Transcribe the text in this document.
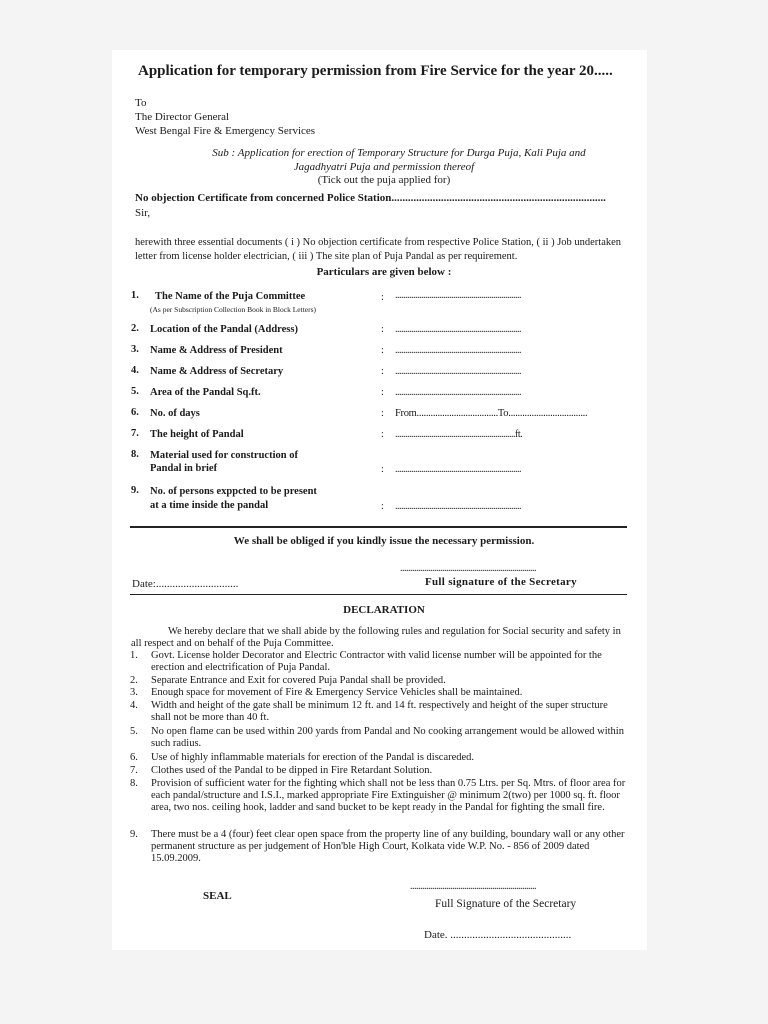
Application for temporary permission from Fire Service for the year 20.....
To
The Director General
West Bengal Fire & Emergency Services
Sub : Application for erection of Temporary Structure for Durga Puja, Kali Puja and
Jagadhyatri Puja and permission thereof
(Tick out the puja applied for)
No objection Certificate from concerned Police Station..............................................................................
Sir,
herewith three essential documents ( i ) No objection certificate from respective Police Station, ( ii ) Job undertaken letter from license holder electrician, ( iii ) The site plan of Puja Pandal as per requirement.
Particulars are given below :
1. The Name of the Puja Committee
(As per Subscription Collection Book in Block Letters)
: ...............................................................
2. Location of the Pandal (Address)	: ...............................................................
3. Name & Address of President	: ...............................................................
4. Name & Address of Secretary	: ...............................................................
5. Area of the Pandal Sq.ft.	: ...............................................................
6. No. of days	: From...................................To..................................
7. The height of Pandal	: ............................................................ft.
8. Material used for construction of
Pandal in brief	: ...............................................................
9. No. of persons exppcted to be present
at a time inside the pandal	: ...............................................................
We shall be obliged if you kindly issue the necessary permission.
Date:..............................
....................................................................
Full signature of the Secretary
DECLARATION
We hereby declare that we shall abide by the following rules and regulation for Social security and safety in all respect and on behalf of the Puja Committee.
1. Govt. License holder Decorator and Electric Contractor with valid license number will be appointed for the erection and electrification of Puja Pandal.
2. Separate Entrance and Exit for covered Puja Pandal shall be provided.
3. Enough space for movement of Fire & Emergency Service Vehicles shall be maintained.
4. Width and height of the gate shall be minimum 12 ft. and 14 ft. respectively and height of the super structure shall not be more than 40 ft.
5. No open flame can be used within 200 yards from Pandal and No cooking arrangement would be allowed within such radius.
6. Use of highly inflammable materials for erection of the Pandal is discareded.
7. Clothes used of the Pandal to be dipped in Fire Retardant Solution.
8. Provision of sufficient water for the fighting which shall not be less than 0.75 Ltrs. per Sq. Mtrs. of floor area for each pandal/structure and I.S.I., marked appropriate Fire Extinguisher @ minimum 2(two) per 1000 sq. ft. floor area, two nos. ceiling hook, ladder and sand bucket to be kept ready in the Pandal for fighting the small fire.
9. There must be a 4 (four) feet clear open space from the property line of any building, boundary wall or any other permanent structure as per judgement of Hon'ble High Court, Kolkata vide W.P. No. - 856 of 2009 dated 15.09.2009.
SEAL
...............................................................
Full Signature of the Secretary
Date. ............................................
